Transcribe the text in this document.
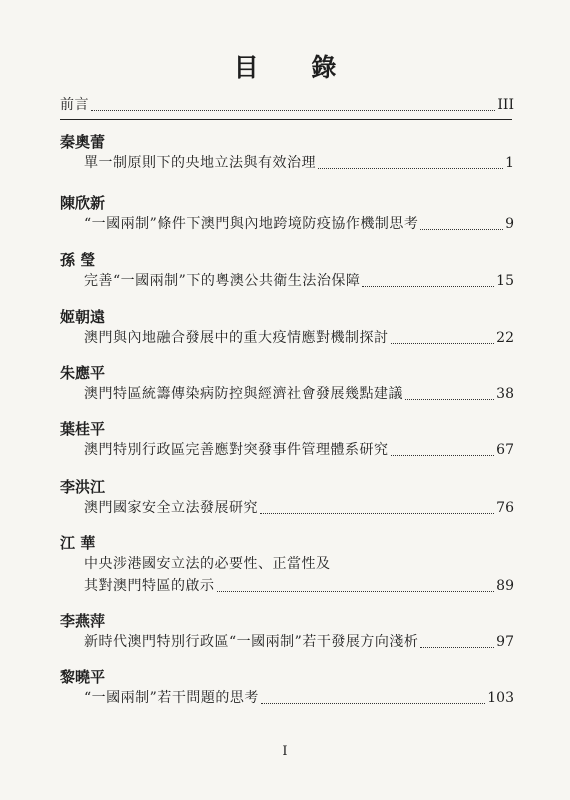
目 錄
前言	III
秦奧蕾
單一制原則下的央地立法與有效治理	1
陳欣新
“一國兩制”條件下澳門與內地跨境防疫協作機制思考	9
孫 瑩
完善“一國兩制”下的粵澳公共衛生法治保障	15
姬朝遠
澳門與內地融合發展中的重大疫情應對機制探討	22
朱應平
澳門特區統籌傳染病防控與經濟社會發展幾點建議	38
葉桂平
澳門特別行政區完善應對突發事件管理體系研究	67
李洪江
澳門國家安全立法發展研究	76
江 華
中央涉港國安立法的必要性、正當性及
其對澳門特區的啟示	89
李燕萍
新時代澳門特別行政區“一國兩制”若干發展方向淺析	97
黎曉平
“一國兩制”若干問題的思考	103
I
